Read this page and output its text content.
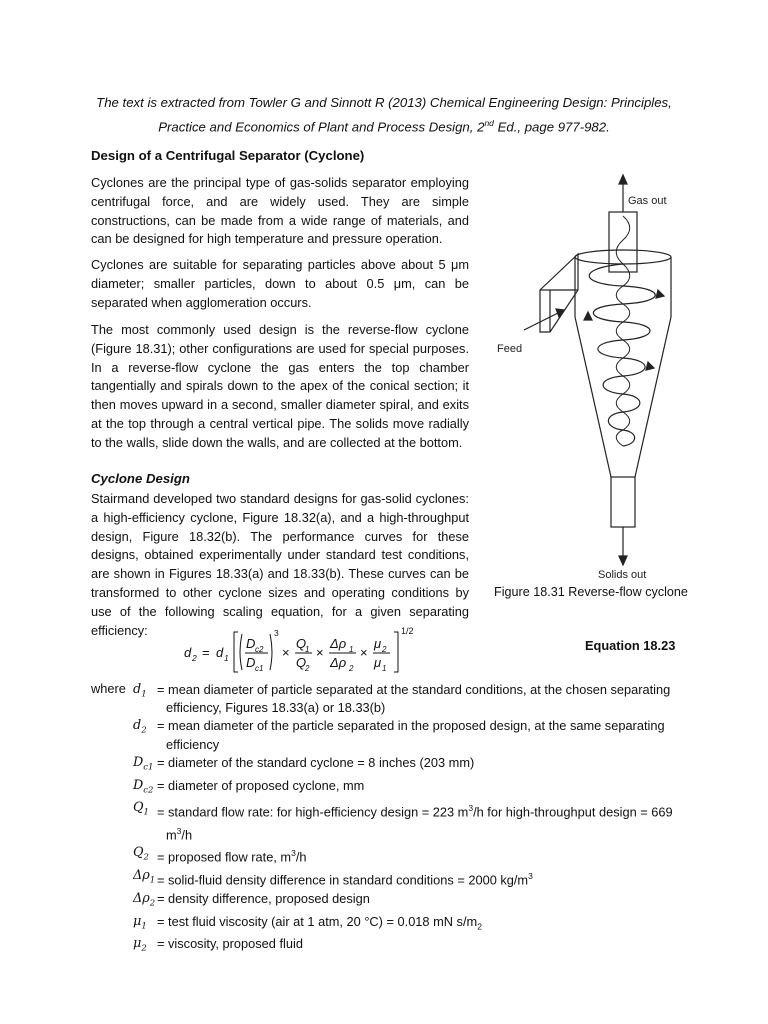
The text is extracted from Towler G and Sinnott R (2013) Chemical Engineering Design: Principles,
Practice and Economics of Plant and Process Design, 2nd Ed., page 977-982.
Design of a Centrifugal Separator (Cyclone)
Cyclones are the principal type of gas-solids separator employing centrifugal force, and are widely used. They are simple constructions, can be made from a wide range of materials, and can be designed for high temperature and pressure operation.
Cyclones are suitable for separating particles above about 5 μm diameter; smaller particles, down to about 0.5 μm, can be separated when agglomeration occurs.
The most commonly used design is the reverse-flow cyclone (Figure 18.31); other configurations are used for special purposes. In a reverse-flow cyclone the gas enters the top chamber tangentially and spirals down to the apex of the conical section; it then moves upward in a second, smaller diameter spiral, and exits at the top through a central vertical pipe. The solids move radially to the walls, slide down the walls, and are collected at the bottom.
Cyclone Design
Stairmand developed two standard designs for gas-solid cyclones: a high-efficiency cyclone, Figure 18.32(a), and a high-throughput design, Figure 18.32(b). The performance curves for these designs, obtained experimentally under standard test conditions, are shown in Figures 18.33(a) and 18.33(b). These curves can be transformed to other cyclone sizes and operating conditions by use of the following scaling equation, for a given separating efficiency:
Gas out
Feed
Solids out
Figure 18.31 Reverse-flow cyclone
d 2 = d 1
D c2
D c1
3
×
Q
1
Q
2
×
Δρ 1
Δρ 2
×
μ 2
μ 1
1/2
Equation 18.23
where $d_1$ = mean diameter of particle separated at the standard conditions, at the chosen separating
efficiency, Figures 18.33(a) or 18.33(b)
$d_2$ = mean diameter of the particle separated in the proposed design, at the same separating
efficiency
$D_{c1}$ = diameter of the standard cyclone = 8 inches (203 mm)
$D_{c2}$ = diameter of proposed cyclone, mm
$Q_1$ = standard flow rate: for high-efficiency design = 223 $m^3/h$ for high-throughput design = 669
$m^3/h$
$Q_2$ = proposed flow rate, $m^3/h$
$\Delta\rho_1$ = solid-fluid density difference in standard conditions = 2000 $kg/m^3$
$\Delta\rho_2$ = density difference, proposed design
$\mu_1$ = test fluid viscosity (air at 1 atm, 20 °C) = 0.018 mN $s/m_2$
$\mu_2$ = viscosity, proposed fluid
